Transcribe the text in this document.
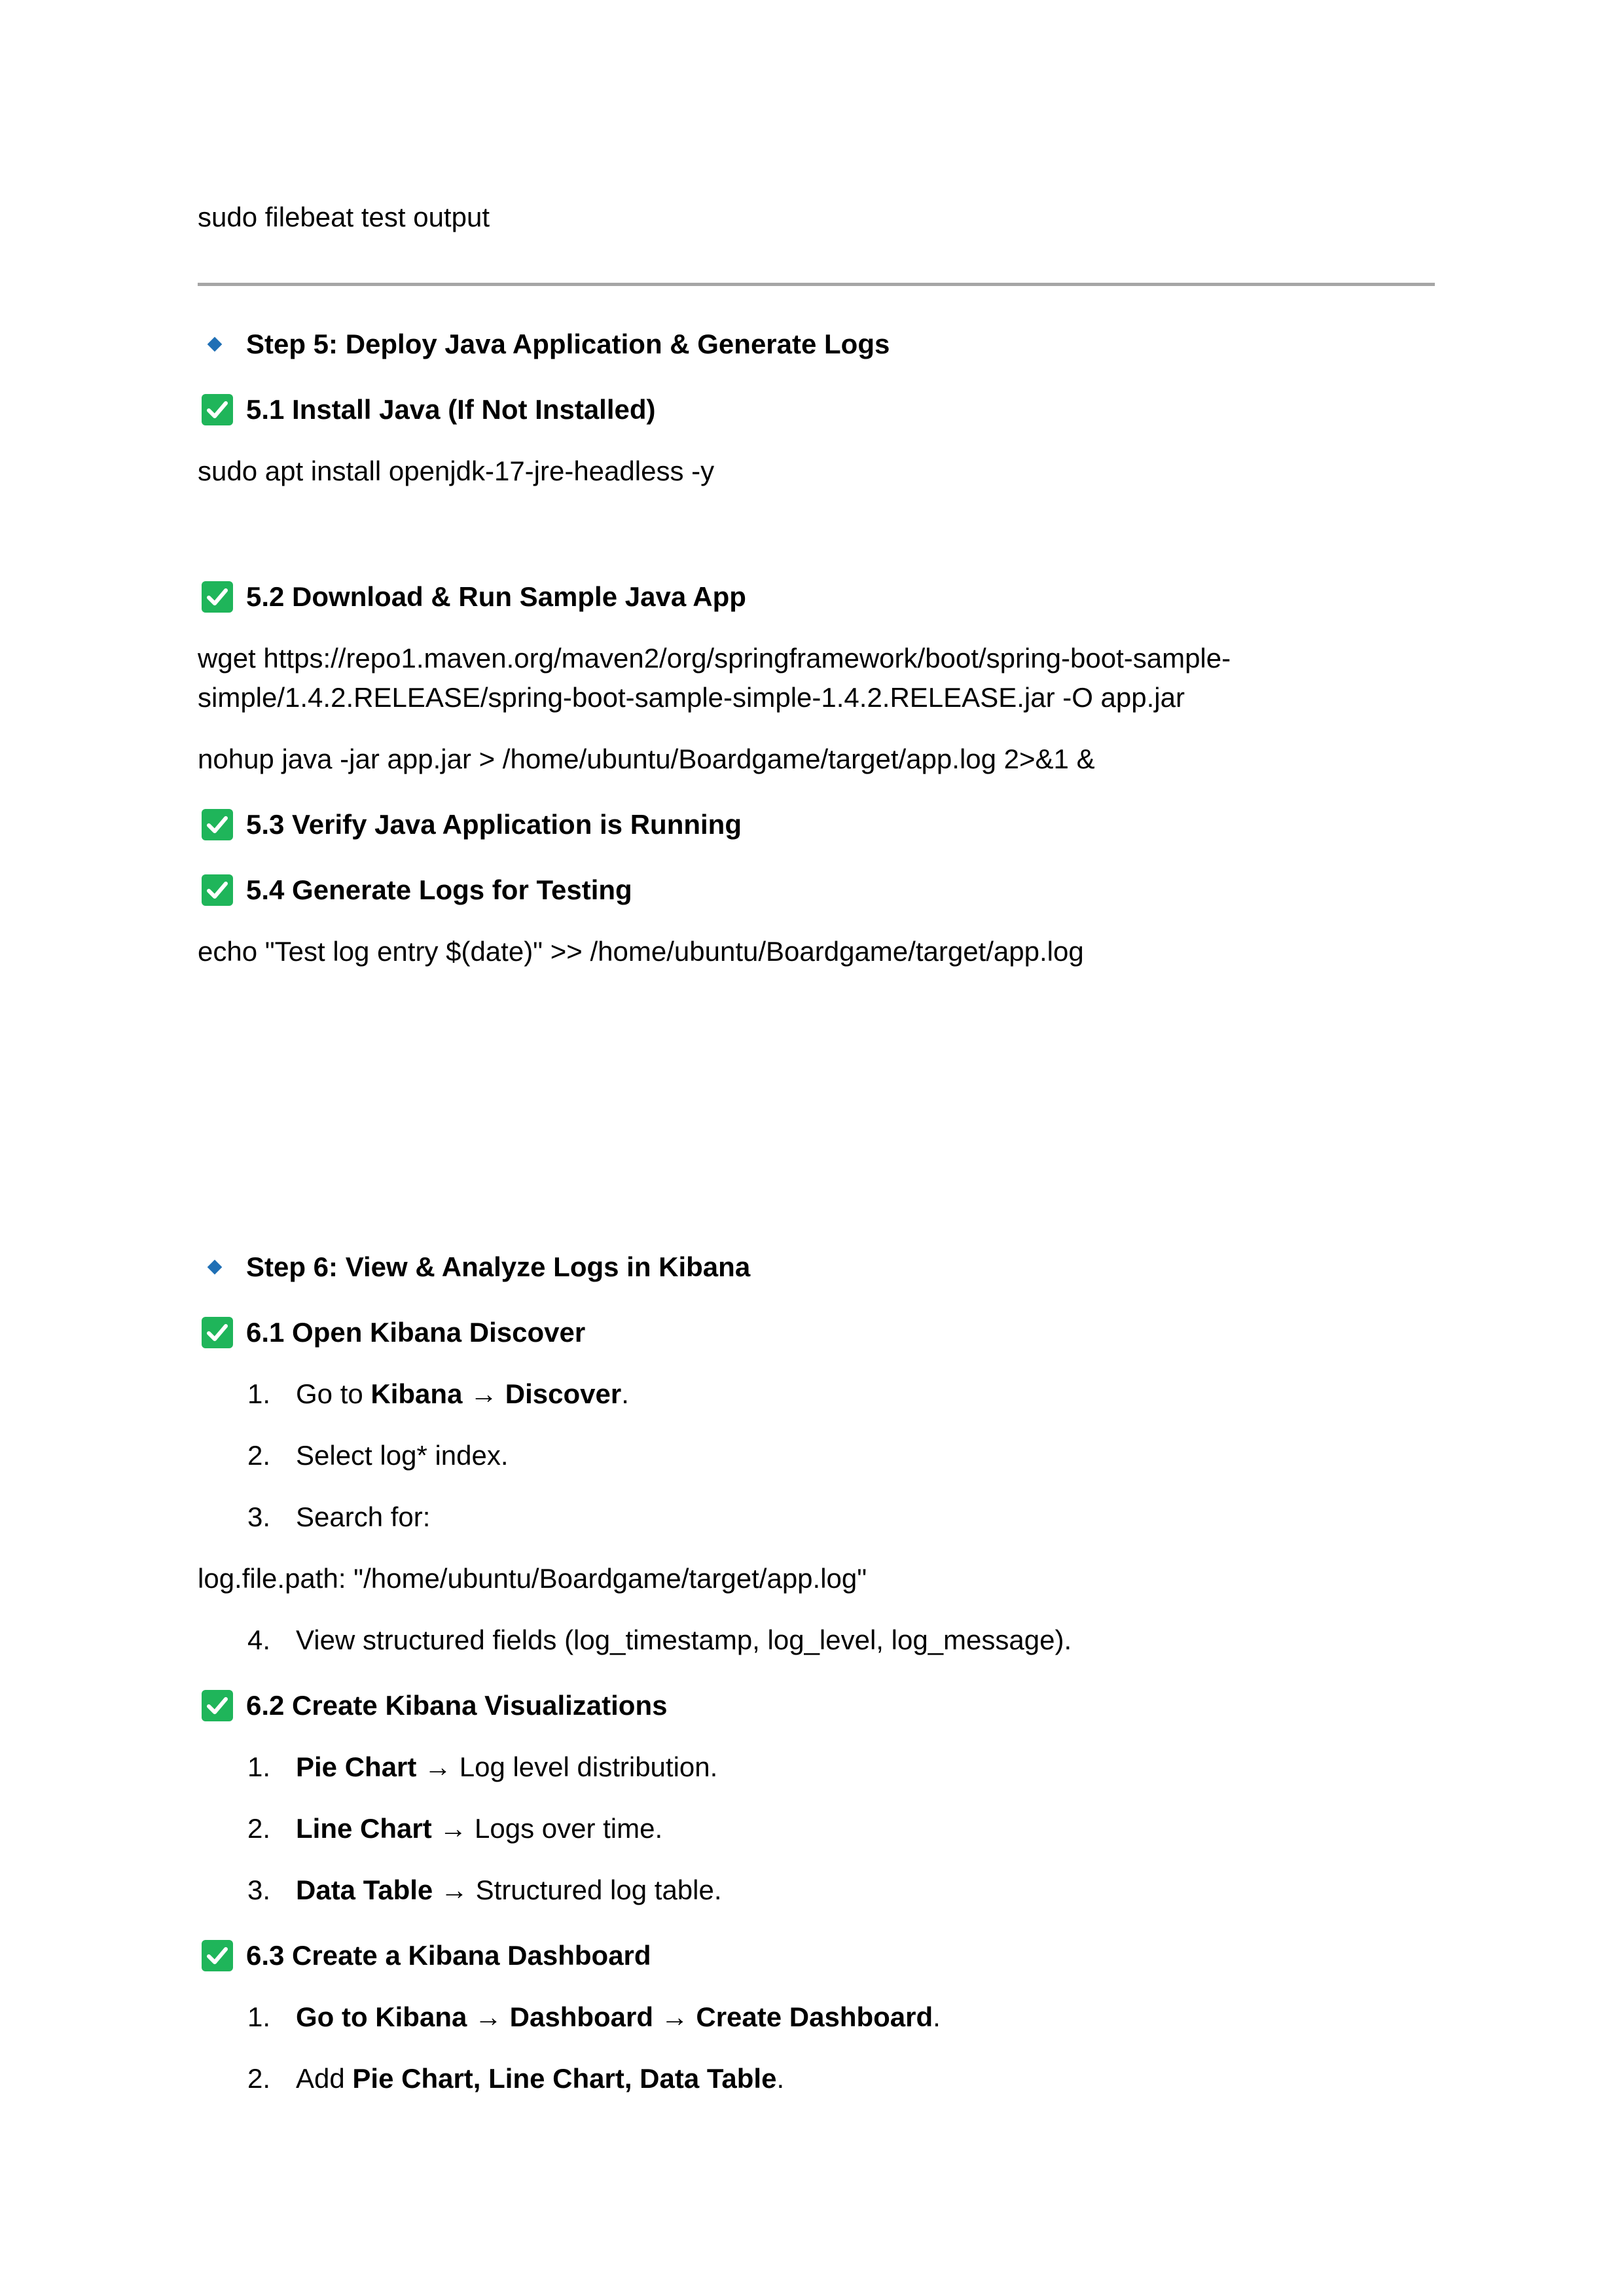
sudo filebeat test output
Step 5: Deploy Java Application & Generate Logs
5.1 Install Java (If Not Installed)
sudo apt install openjdk-17-jre-headless -y
5.2 Download & Run Sample Java App
wget https://repo1.maven.org/maven2/org/springframework/boot/spring-boot-sample-
simple/1.4.2.RELEASE/spring-boot-sample-simple-1.4.2.RELEASE.jar -O app.jar
nohup java -jar app.jar > /home/ubuntu/Boardgame/target/app.log 2>&1 &
5.3 Verify Java Application is Running
5.4 Generate Logs for Testing
echo "Test log entry $(date)" >> /home/ubuntu/Boardgame/target/app.log
Step 6: View & Analyze Logs in Kibana
6.1 Open Kibana Discover
1. Go to Kibana → Discover.
2. Select log* index.
3. Search for:
log.file.path: "/home/ubuntu/Boardgame/target/app.log"
4. View structured fields (log_timestamp, log_level, log_message).
6.2 Create Kibana Visualizations
1. Pie Chart → Log level distribution.
2. Line Chart → Logs over time.
3. Data Table → Structured log table.
6.3 Create a Kibana Dashboard
1. Go to Kibana → Dashboard → Create Dashboard.
2. Add Pie Chart, Line Chart, Data Table.
